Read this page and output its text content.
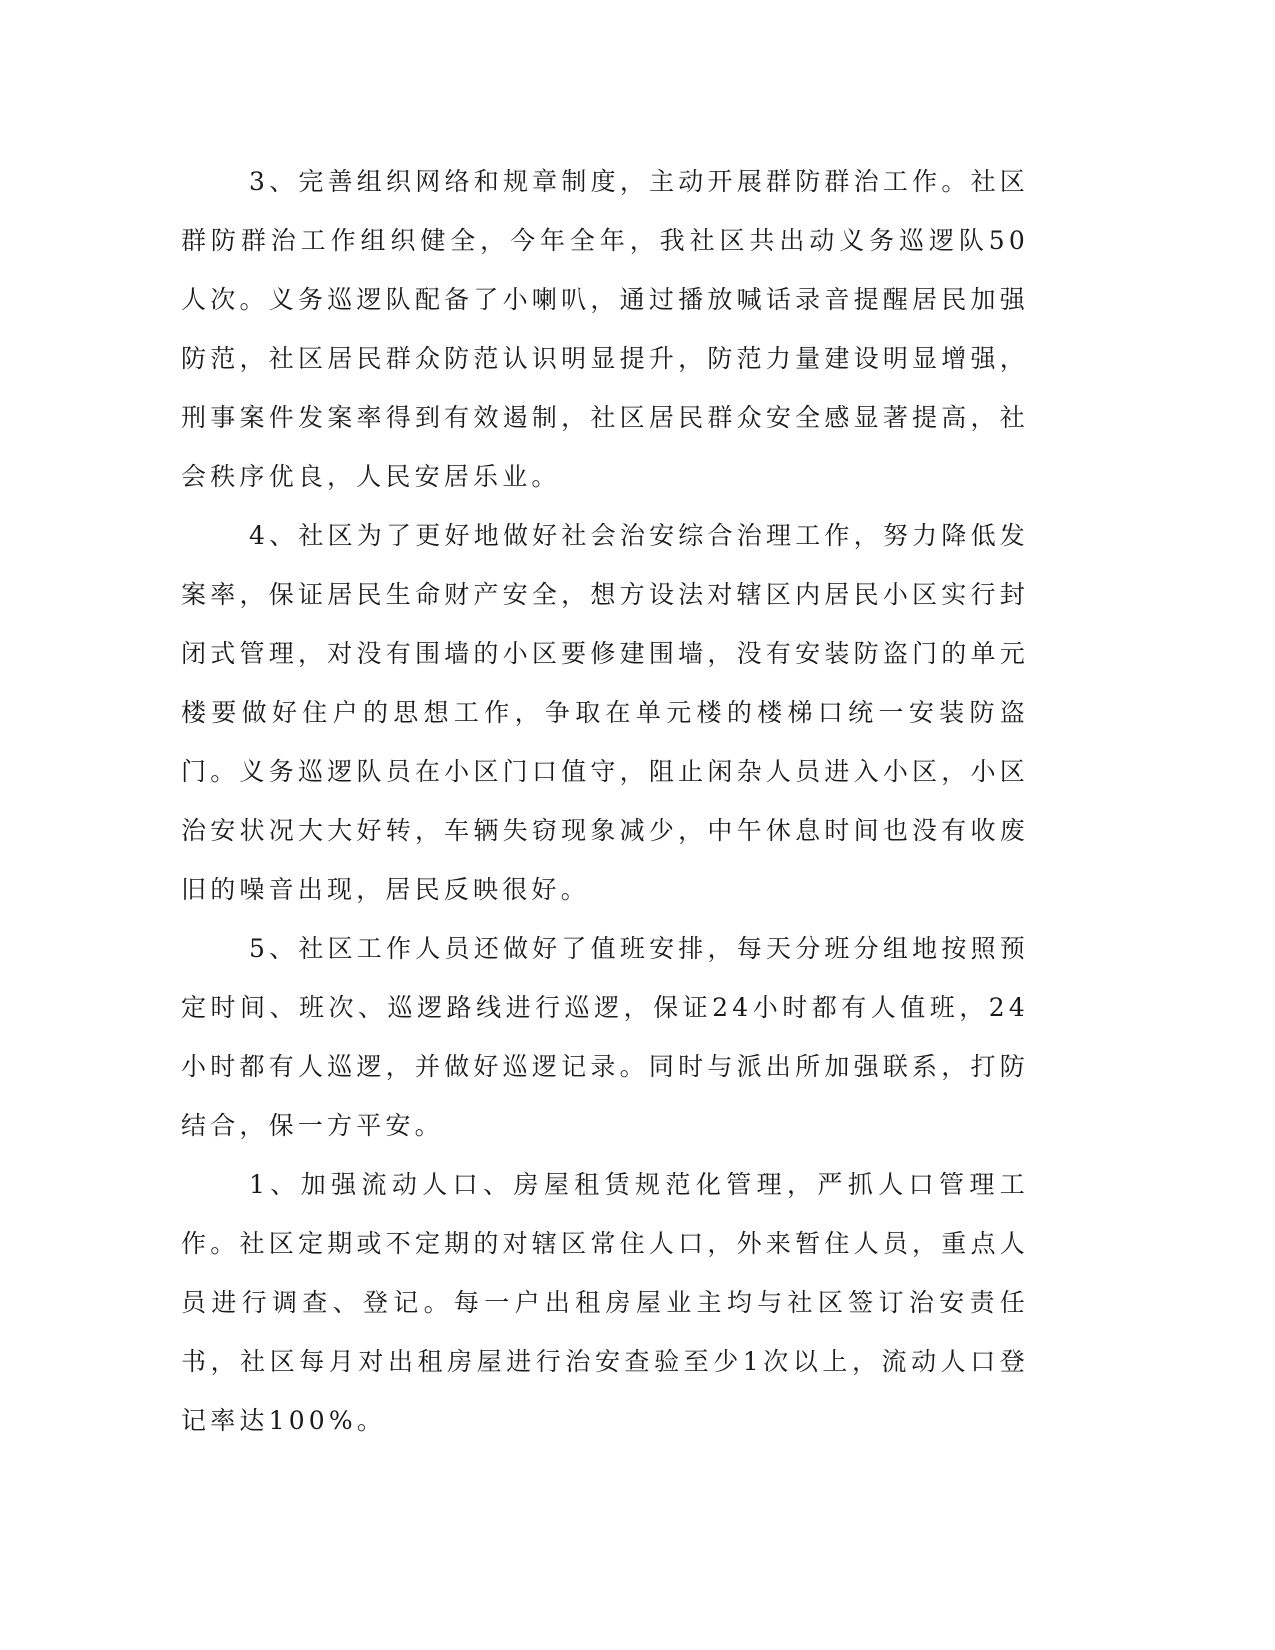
3、完善组织网络和规章制度，主动开展群防群治工作。社区群防群治工作组织健全，今年全年，我社区共出动义务巡逻队50人次。义务巡逻队配备了小喇叭，通过播放喊话录音提醒居民加强防范，社区居民群众防范认识明显提升，防范力量建设明显增强，刑事案件发案率得到有效遏制，社区居民群众安全感显著提高，社会秩序优良，人民安居乐业。

4、社区为了更好地做好社会治安综合治理工作，努力降低发案率，保证居民生命财产安全，想方设法对辖区内居民小区实行封闭式管理，对没有围墙的小区要修建围墙，没有安装防盗门的单元楼要做好住户的思想工作，争取在单元楼的楼梯口统一安装防盗门。义务巡逻队员在小区门口值守，阻止闲杂人员进入小区，小区治安状况大大好转，车辆失窃现象减少，中午休息时间也没有收废旧的噪音出现，居民反映很好。

5、社区工作人员还做好了值班安排，每天分班分组地按照预定时间、班次、巡逻路线进行巡逻，保证24小时都有人值班，24小时都有人巡逻，并做好巡逻记录。同时与派出所加强联系，打防结合，保一方平安。

1、加强流动人口、房屋租赁规范化管理，严抓人口管理工作。社区定期或不定期的对辖区常住人口，外来暂住人员，重点人员进行调查、登记。每一户出租房屋业主均与社区签订治安责任书，社区每月对出租房屋进行治安查验至少1次以上，流动人口登记率达100%。
